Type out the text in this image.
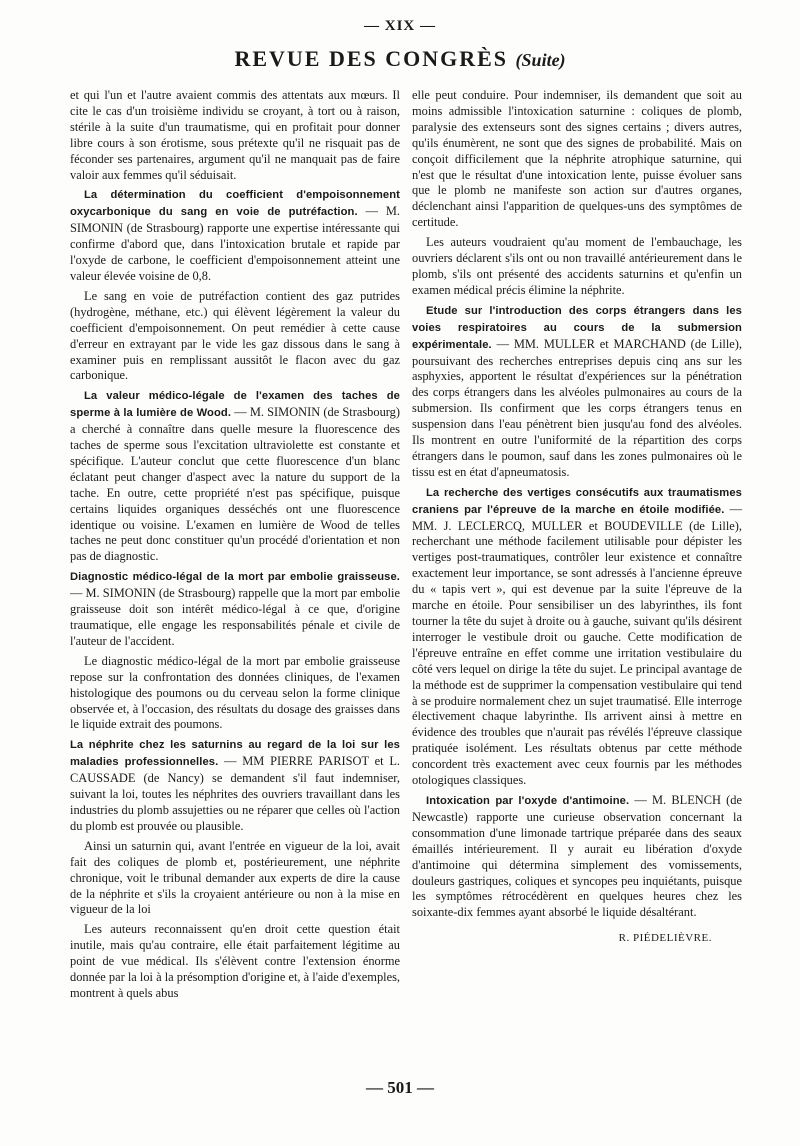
— XIX —
REVUE DES CONGRÈS (Suite)

et qui l'un et l'autre avaient commis des attentats aux mœurs. Il cite le cas d'un troisième individu se croyant, à tort ou à raison, stérile à la suite d'un traumatisme, qui en profitait pour donner libre cours à son érotisme, sous prétexte qu'il ne risquait pas de féconder ses partenaires, argument qu'il ne manquait pas de faire valoir aux femmes qu'il séduisait.

La détermination du coefficient d'empoisonnement oxycarbonique du sang en voie de putréfaction. — M. SIMONIN (de Strasbourg) rapporte une expertise intéressante qui confirme d'abord que, dans l'intoxication brutale et rapide par l'oxyde de carbone, le coefficient d'empoisonnement atteint une valeur élevée voisine de 0,8.

Le sang en voie de putréfaction contient des gaz putrides (hydrogène, méthane, etc.) qui élèvent légèrement la valeur du coefficient d'empoisonnement. On peut remédier à cette cause d'erreur en extrayant par le vide les gaz dissous dans le sang à examiner puis en remplissant aussitôt le flacon avec du gaz carbonique.

La valeur médico-légale de l'examen des taches de sperme à la lumière de Wood. — M. SIMONIN (de Strasbourg) a cherché à connaître dans quelle mesure la fluorescence des taches de sperme sous l'excitation ultraviolette est constante et spécifique. L'auteur conclut que cette fluorescence d'un blanc éclatant peut changer d'aspect avec la nature du support de la tache. En outre, cette propriété n'est pas spécifique, puisque certains liquides organiques desséchés ont une fluorescence identique ou voisine. L'examen en lumière de Wood de telles taches ne peut donc constituer qu'un procédé d'orientation et non pas de diagnostic.

Diagnostic médico-légal de la mort par embolie graisseuse. — M. SIMONIN (de Strasbourg) rappelle que la mort par embolie graisseuse doit son intérêt médico-légal à ce que, d'origine traumatique, elle engage les responsabilités pénale et civile de l'auteur de l'accident.

Le diagnostic médico-légal de la mort par embolie graisseuse repose sur la confrontation des données cliniques, de l'examen histologique des poumons ou du cerveau selon la forme clinique observée et, à l'occasion, des résultats du dosage des graisses dans le liquide extrait des poumons.

La néphrite chez les saturnins au regard de la loi sur les maladies professionnelles. — MM PIERRE PARISOT et L. CAUSSADE (de Nancy) se demandent s'il faut indemniser, suivant la loi, toutes les néphrites des ouvriers travaillant dans les industries du plomb assujetties ou ne réparer que celles où l'action du plomb est prouvée ou plausible.

Ainsi un saturnin qui, avant l'entrée en vigueur de la loi, avait fait des coliques de plomb et, postérieurement, une néphrite chronique, voit le tribunal demander aux experts de dire la cause de la néphrite et s'ils la croyaient antérieure ou non à la mise en vigueur de la loi

Les auteurs reconnaissent qu'en droit cette question était inutile, mais qu'au contraire, elle était parfaitement légitime au point de vue médical. Ils s'élèvent contre l'extension énorme donnée par la loi à la présomption d'origine et, à l'aide d'exemples, montrent à quels abus

elle peut conduire. Pour indemniser, ils demandent que soit au moins admissible l'intoxication saturnine : coliques de plomb, paralysie des extenseurs sont des signes certains ; divers autres, qu'ils énumèrent, ne sont que des signes de probabilité. Mais on conçoit difficilement que la néphrite atrophique saturnine, qui n'est que le résultat d'une intoxication lente, puisse évoluer sans que le plomb ne manifeste son action sur d'autres organes, déclenchant ainsi l'apparition de quelques-uns des symptômes de certitude.

Les auteurs voudraient qu'au moment de l'embauchage, les ouvriers déclarent s'ils ont ou non travaillé antérieurement dans le plomb, s'ils ont présenté des accidents saturnins et qu'enfin un examen médical précis élimine la néphrite.

Etude sur l'introduction des corps étrangers dans les voies respiratoires au cours de la submersion expérimentale. — MM. MULLER et MARCHAND (de Lille), poursuivant des recherches entreprises depuis cinq ans sur les asphyxies, apportent le résultat d'expériences sur la pénétration des corps étrangers dans les alvéoles pulmonaires au cours de la submersion. Ils confirment que les corps étrangers tenus en suspension dans l'eau pénètrent bien jusqu'au fond des alvéoles. Ils montrent en outre l'uniformité de la répartition des corps étrangers dans le poumon, sauf dans les zones pulmonaires où le tissu est en état d'apneumatosis.

La recherche des vertiges consécutifs aux traumatismes craniens par l'épreuve de la marche en étoile modifiée. — MM. J. LECLERCQ, MULLER et BOUDEVILLE (de Lille), recherchant une méthode facilement utilisable pour dépister les vertiges post-traumatiques, contrôler leur existence et connaître exactement leur importance, se sont adressés à l'ancienne épreuve du « tapis vert », qui est devenue par la suite l'épreuve de la marche en étoile. Pour sensibiliser un des labyrinthes, ils font tourner la tête du sujet à droite ou à gauche, suivant qu'ils désirent interroger le vestibule droit ou gauche. Cette modification de l'épreuve entraîne en effet comme une irritation vestibulaire du côté vers lequel on dirige la tête du sujet. Le principal avantage de la méthode est de supprimer la compensation vestibulaire qui tend à se produire normalement chez un sujet traumatisé. Elle interroge électivement chaque labyrinthe. Ils arrivent ainsi à mettre en évidence des troubles que n'aurait pas révélés l'épreuve classique pratiquée isolément. Les résultats obtenus par cette méthode concordent très exactement avec ceux fournis par les méthodes otologiques classiques.

Intoxication par l'oxyde d'antimoine. — M. BLENCH (de Newcastle) rapporte une curieuse observation concernant la consommation d'une limonade tartrique préparée dans des seaux émaillés intérieurement. Il y aurait eu libération d'oxyde d'antimoine qui détermina simplement des vomissements, douleurs gastriques, coliques et syncopes peu inquiétants, puisque les symptômes rétrocédèrent en quelques heures chez les soixante-dix femmes ayant absorbé le liquide désaltérant.

R. PIÉDELIÈVRE.

— 501 —
